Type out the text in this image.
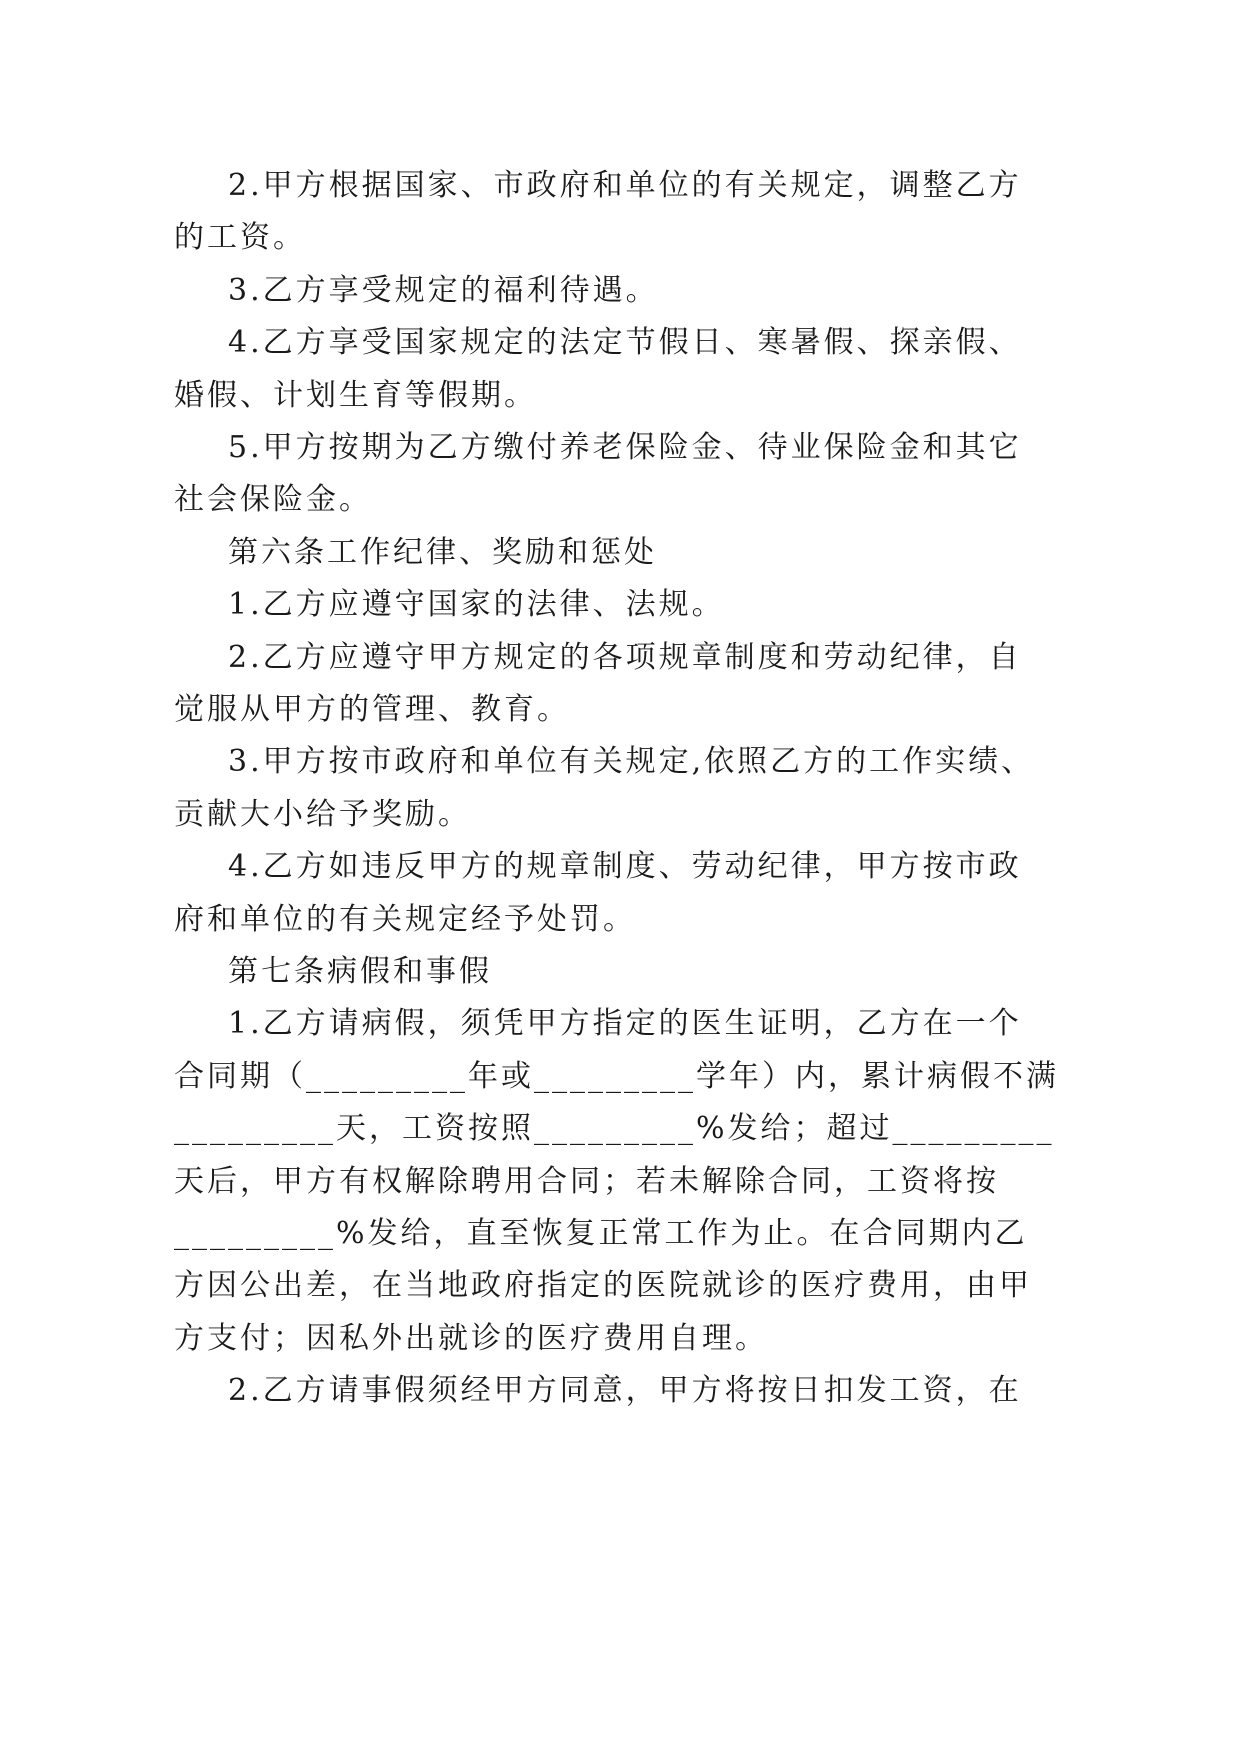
2.甲方根据国家、市政府和单位的有关规定，调整乙方
的工资。
3.乙方享受规定的福利待遇。
4.乙方享受国家规定的法定节假日、寒暑假、探亲假、
婚假、计划生育等假期。
5.甲方按期为乙方缴付养老保险金、待业保险金和其它
社会保险金。
第六条工作纪律、奖励和惩处
1.乙方应遵守国家的法律、法规。
2.乙方应遵守甲方规定的各项规章制度和劳动纪律，自
觉服从甲方的管理、教育。
3.甲方按市政府和单位有关规定,依照乙方的工作实绩、
贡献大小给予奖励。
4.乙方如违反甲方的规章制度、劳动纪律，甲方按市政
府和单位的有关规定经予处罚。
第七条病假和事假
1.乙方请病假，须凭甲方指定的医生证明，乙方在一个
合同期（_________年或_________学年）内，累计病假不满
_________天，工资按照_________%发给；超过_________
天后，甲方有权解除聘用合同；若未解除合同，工资将按
_________%发给，直至恢复正常工作为止。在合同期内乙
方因公出差，在当地政府指定的医院就诊的医疗费用，由甲
方支付；因私外出就诊的医疗费用自理。
2.乙方请事假须经甲方同意，甲方将按日扣发工资，在
